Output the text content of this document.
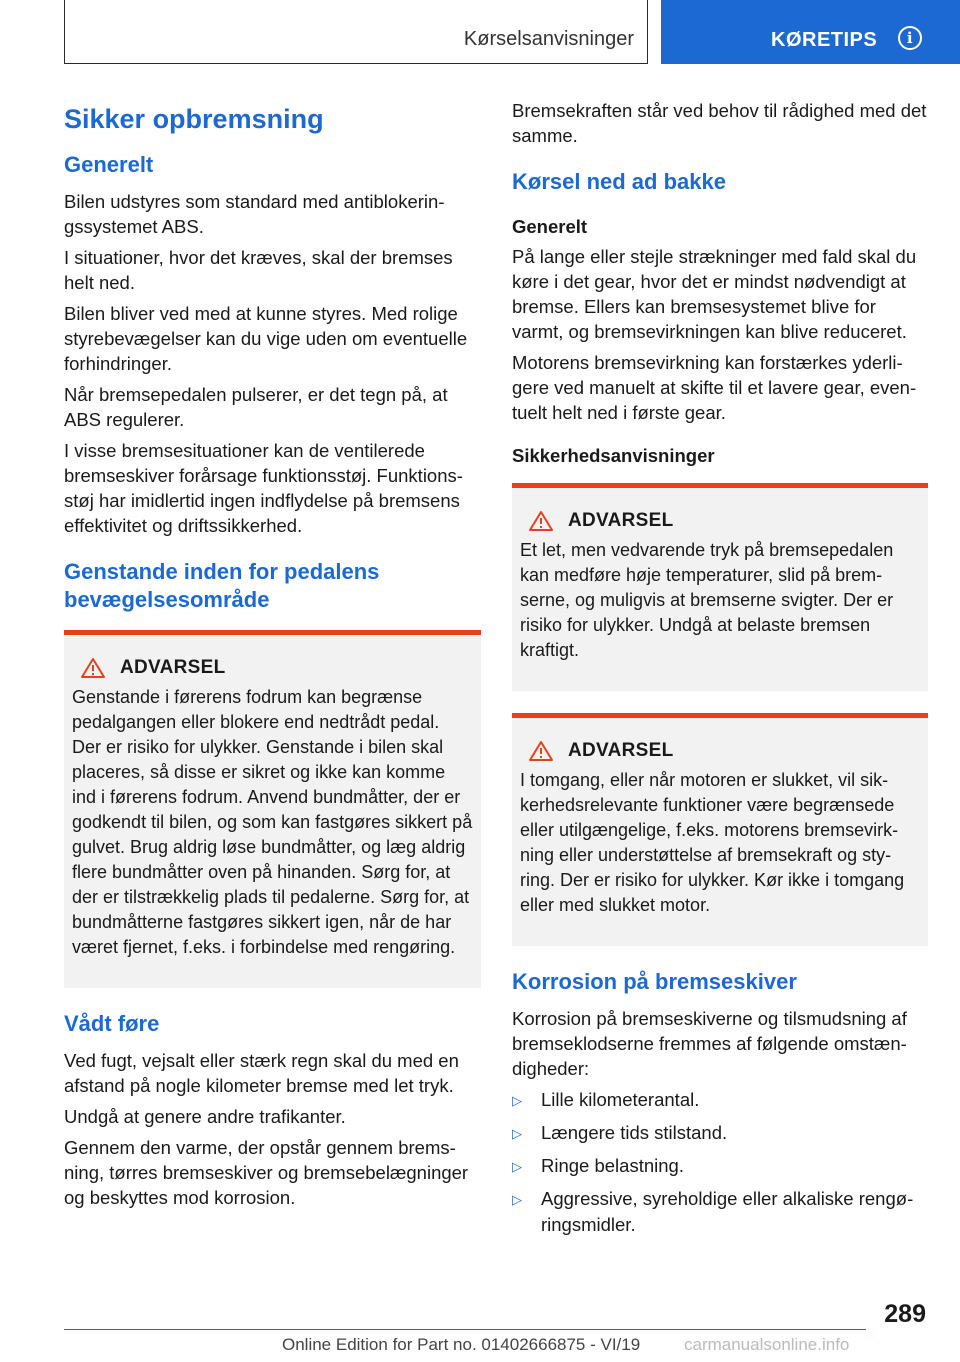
Kørselsanvisninger	KØRETIPS	i
Sikker opbremsning
Generelt

Bilen udstyres som standard med antiblokeringssystemet ABS.

I situationer, hvor det kræves, skal der bremses helt ned.

Bilen bliver ved med at kunne styres. Med rolige styrebevægelser kan du vige uden om eventuelle forhindringer.

Når bremsepedalen pulserer, er det tegn på, at ABS regulerer.

I visse bremsesituationer kan de ventilerede bremseskiver forårsage funktionsstøj. Funktionsstøj har imidlertid ingen indflydelse på bremsens effektivitet og driftssikkerhed.

Genstande inden for pedalens bevægelsesområde
ADVARSEL

Genstande i førerens fodrum kan begrænse pedalgangen eller blokere end nedtrådt pedal. Der er risiko for ulykker. Genstande i bilen skal placeres, så disse er sikret og ikke kan komme ind i førerens fodrum. Anvend bundmåtter, der er godkendt til bilen, og som kan fastgøres sikkert på gulvet. Brug aldrig løse bundmåtter, og læg aldrig flere bundmåtter oven på hinanden. Sørg for, at der er tilstrækkelig plads til pedalerne. Sørg for, at bundmåtterne fastgøres sikkert igen, når de har været fjernet, f.eks. i forbindelse med rengøring.

Vådt føre

Ved fugt, vejsalt eller stærk regn skal du med en afstand på nogle kilometer bremse med let tryk.

Undgå at genere andre trafikanter.

Gennem den varme, der opstår gennem bremsning, tørres bremseskiver og bremsebelægninger og beskyttes mod korrosion.

Bremsekraften står ved behov til rådighed med det samme.

Kørsel ned ad bakke
Generelt

På lange eller stejle strækninger med fald skal du køre i det gear, hvor det er mindst nødvendigt at bremse. Ellers kan bremsesystemet blive for varmt, og bremsevirkningen kan blive reduceret.

Motorens bremsevirkning kan forstærkes yderligere ved manuelt at skifte til et lavere gear, eventuelt helt ned i første gear.

Sikkerhedsanvisninger
ADVARSEL

Et let, men vedvarende tryk på bremsepedalen kan medføre høje temperaturer, slid på bremserne, og muligvis at bremserne svigter. Der er risiko for ulykker. Undgå at belaste bremsen kraftigt.

ADVARSEL

I tomgang, eller når motoren er slukket, vil sikkerhedsrelevante funktioner være begrænsede eller utilgængelige, f.eks. motorens bremsevirkning eller understøttelse af bremsekraft og styring. Der er risiko for ulykker. Kør ikke i tomgang eller med slukket motor.

Korrosion på bremseskiver

Korrosion på bremseskiverne og tilsmudsning af bremseklodserne fremmes af følgende omstændigheder:

▷	Lille kilometerantal.
▷	Længere tids stilstand.
▷	Ringe belastning.
▷	Aggressive, syreholdige eller alkaliske rengøringsmidler.
289
Online Edition for Part no. 01402666875 - VI/19	carmanualsonline.info
